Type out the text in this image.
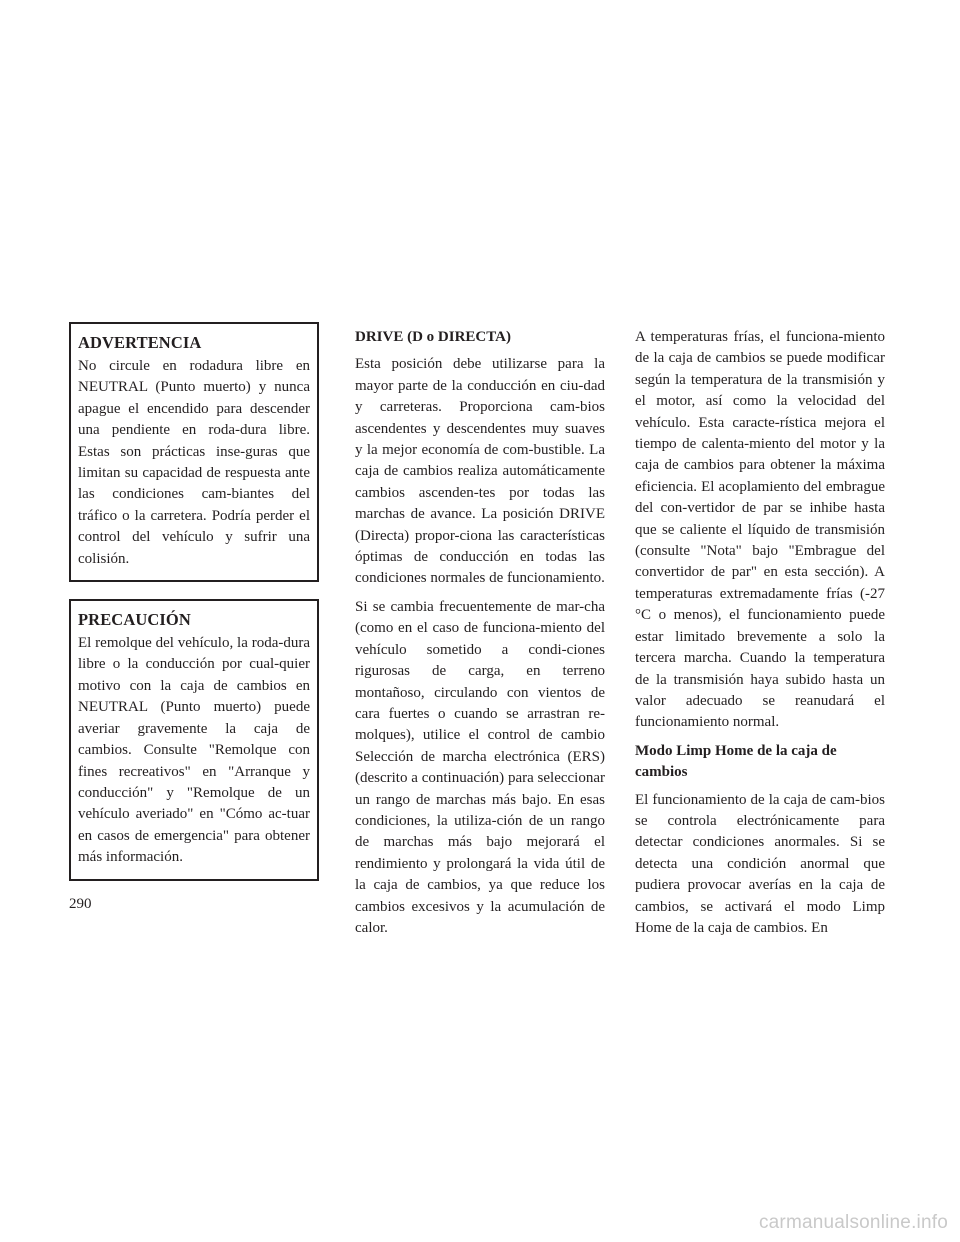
ADVERTENCIA
No circule en rodadura libre en NEUTRAL (Punto muerto) y nunca apague el encendido para descender una pendiente en roda-dura libre. Estas son prácticas inse-guras que limitan su capacidad de respuesta ante las condiciones cam-biantes del tráfico o la carretera. Podría perder el control del vehículo y sufrir una colisión.
PRECAUCIÓN
El remolque del vehículo, la roda-dura libre o la conducción por cual-quier motivo con la caja de cambios en NEUTRAL (Punto muerto) puede averiar gravemente la caja de cambios. Consulte "Remolque con fines recreativos" en "Arranque y conducción" y "Remolque de un vehículo averiado" en "Cómo ac-tuar en casos de emergencia" para obtener más información.
DRIVE (D o DIRECTA)

Esta posición debe utilizarse para la mayor parte de la conducción en ciu-dad y carreteras. Proporciona cam-bios ascendentes y descendentes muy suaves y la mejor economía de com-bustible. La caja de cambios realiza automáticamente cambios ascenden-tes por todas las marchas de avance. La posición DRIVE (Directa) propor-ciona las características óptimas de conducción en todas las condiciones normales de funcionamiento.

Si se cambia frecuentemente de mar-cha (como en el caso de funciona-miento del vehículo sometido a condi-ciones rigurosas de carga, en terreno montañoso, circulando con vientos de cara fuertes o cuando se arrastran re-molques), utilice el control de cambio Selección de marcha electrónica (ERS) (descrito a continuación) para seleccionar un rango de marchas más bajo. En esas condiciones, la utiliza-ción de un rango de marchas más bajo mejorará el rendimiento y prolongará la vida útil de la caja de cambios, ya que reduce los cambios excesivos y la acumulación de calor.

A temperaturas frías, el funciona-miento de la caja de cambios se puede modificar según la temperatura de la transmisión y el motor, así como la velocidad del vehículo. Esta caracte-rística mejora el tiempo de calenta-miento del motor y la caja de cambios para obtener la máxima eficiencia. El acoplamiento del embrague del con-vertidor de par se inhibe hasta que se caliente el líquido de transmisión (consulte "Nota" bajo "Embrague del convertidor de par" en esta sección). A temperaturas extremadamente frías (-27 °C o menos), el funcionamiento puede estar limitado brevemente a solo la tercera marcha. Cuando la temperatura de la transmisión haya subido hasta un valor adecuado se reanudará el funcionamiento normal.

Modo Limp Home de la caja de cambios

El funcionamiento de la caja de cam-bios se controla electrónicamente para detectar condiciones anormales. Si se detecta una condición anormal que pudiera provocar averías en la caja de cambios, se activará el modo Limp Home de la caja de cambios. En

290
carmanualsonline.info
